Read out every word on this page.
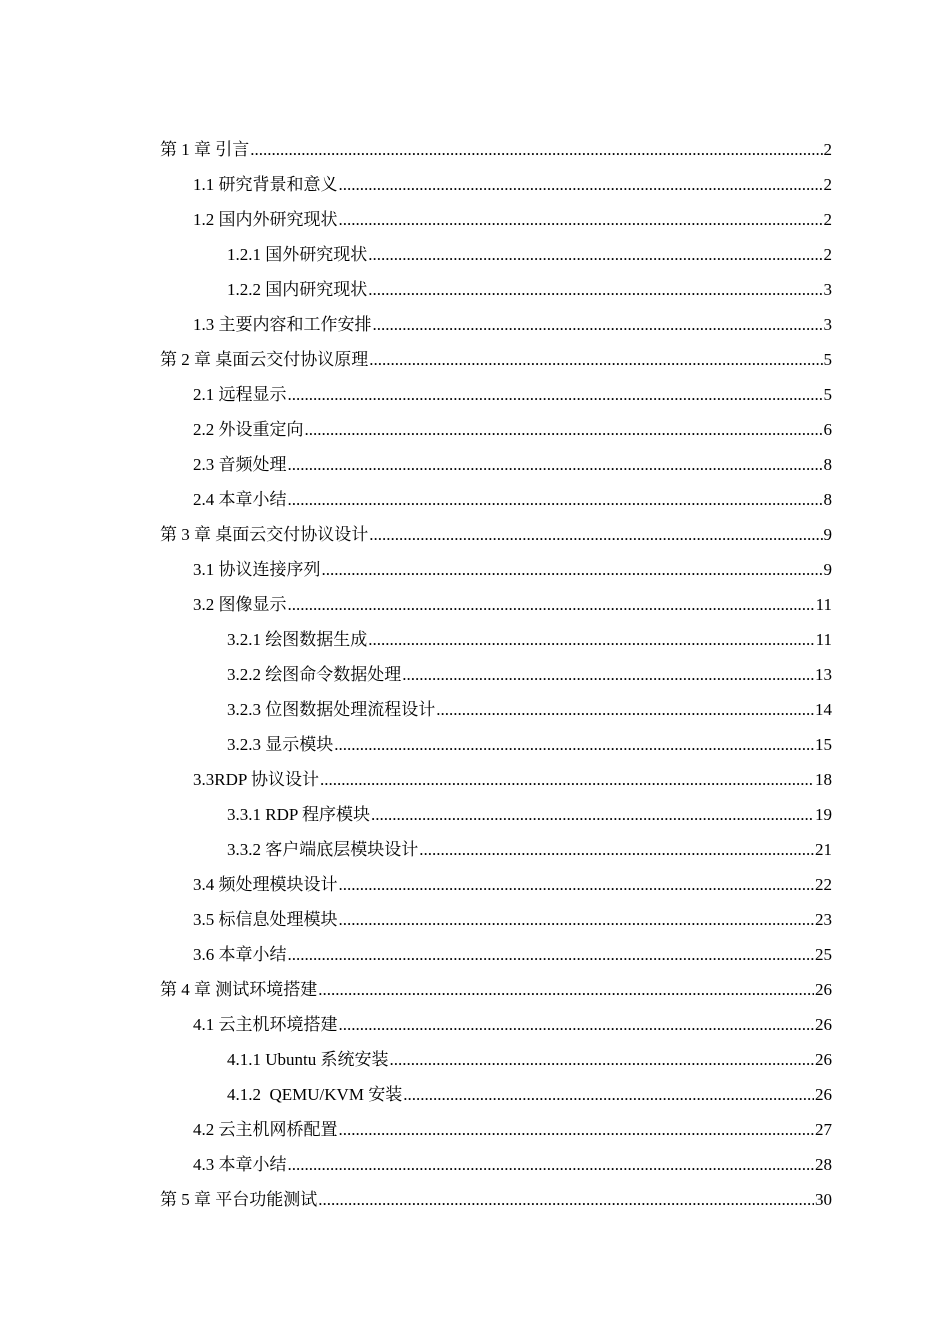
第 1 章 引言 .....	2
1.1 研究背景和意义 .....	2
1.2 国内外研究现状 .....	2
1.2.1 国外研究现状 .....	2
1.2.2 国内研究现状 .....	3
1.3 主要内容和工作安排 .....	3
第 2 章 桌面云交付协议原理 .....	5
2.1 远程显示 .....	5
2.2 外设重定向 .....	6
2.3 音频处理 .....	8
2.4 本章小结 .....	8
第 3 章 桌面云交付协议设计 .....	9
3.1 协议连接序列 .....	9
3.2 图像显示 .....	11
3.2.1 绘图数据生成 .....	11
3.2.2 绘图命令数据处理 .....	13
3.2.3 位图数据处理流程设计 .....	14
3.2.3 显示模块 .....	15
3.3RDP 协议设计 .....	18
3.3.1 RDP 程序模块 .....	19
3.3.2 客户端底层模块设计 .....	21
3.4 频处理模块设计 .....	22
3.5 标信息处理模块 .....	23
3.6 本章小结 .....	25
第 4 章 测试环境搭建 .....	26
4.1 云主机环境搭建 .....	26
4.1.1 Ubuntu 系统安装 .....	26
4.1.2  QEMU/KVM 安装 .....	26
4.2 云主机网桥配置 .....	27
4.3 本章小结 .....	28
第 5 章 平台功能测试 .....	30
